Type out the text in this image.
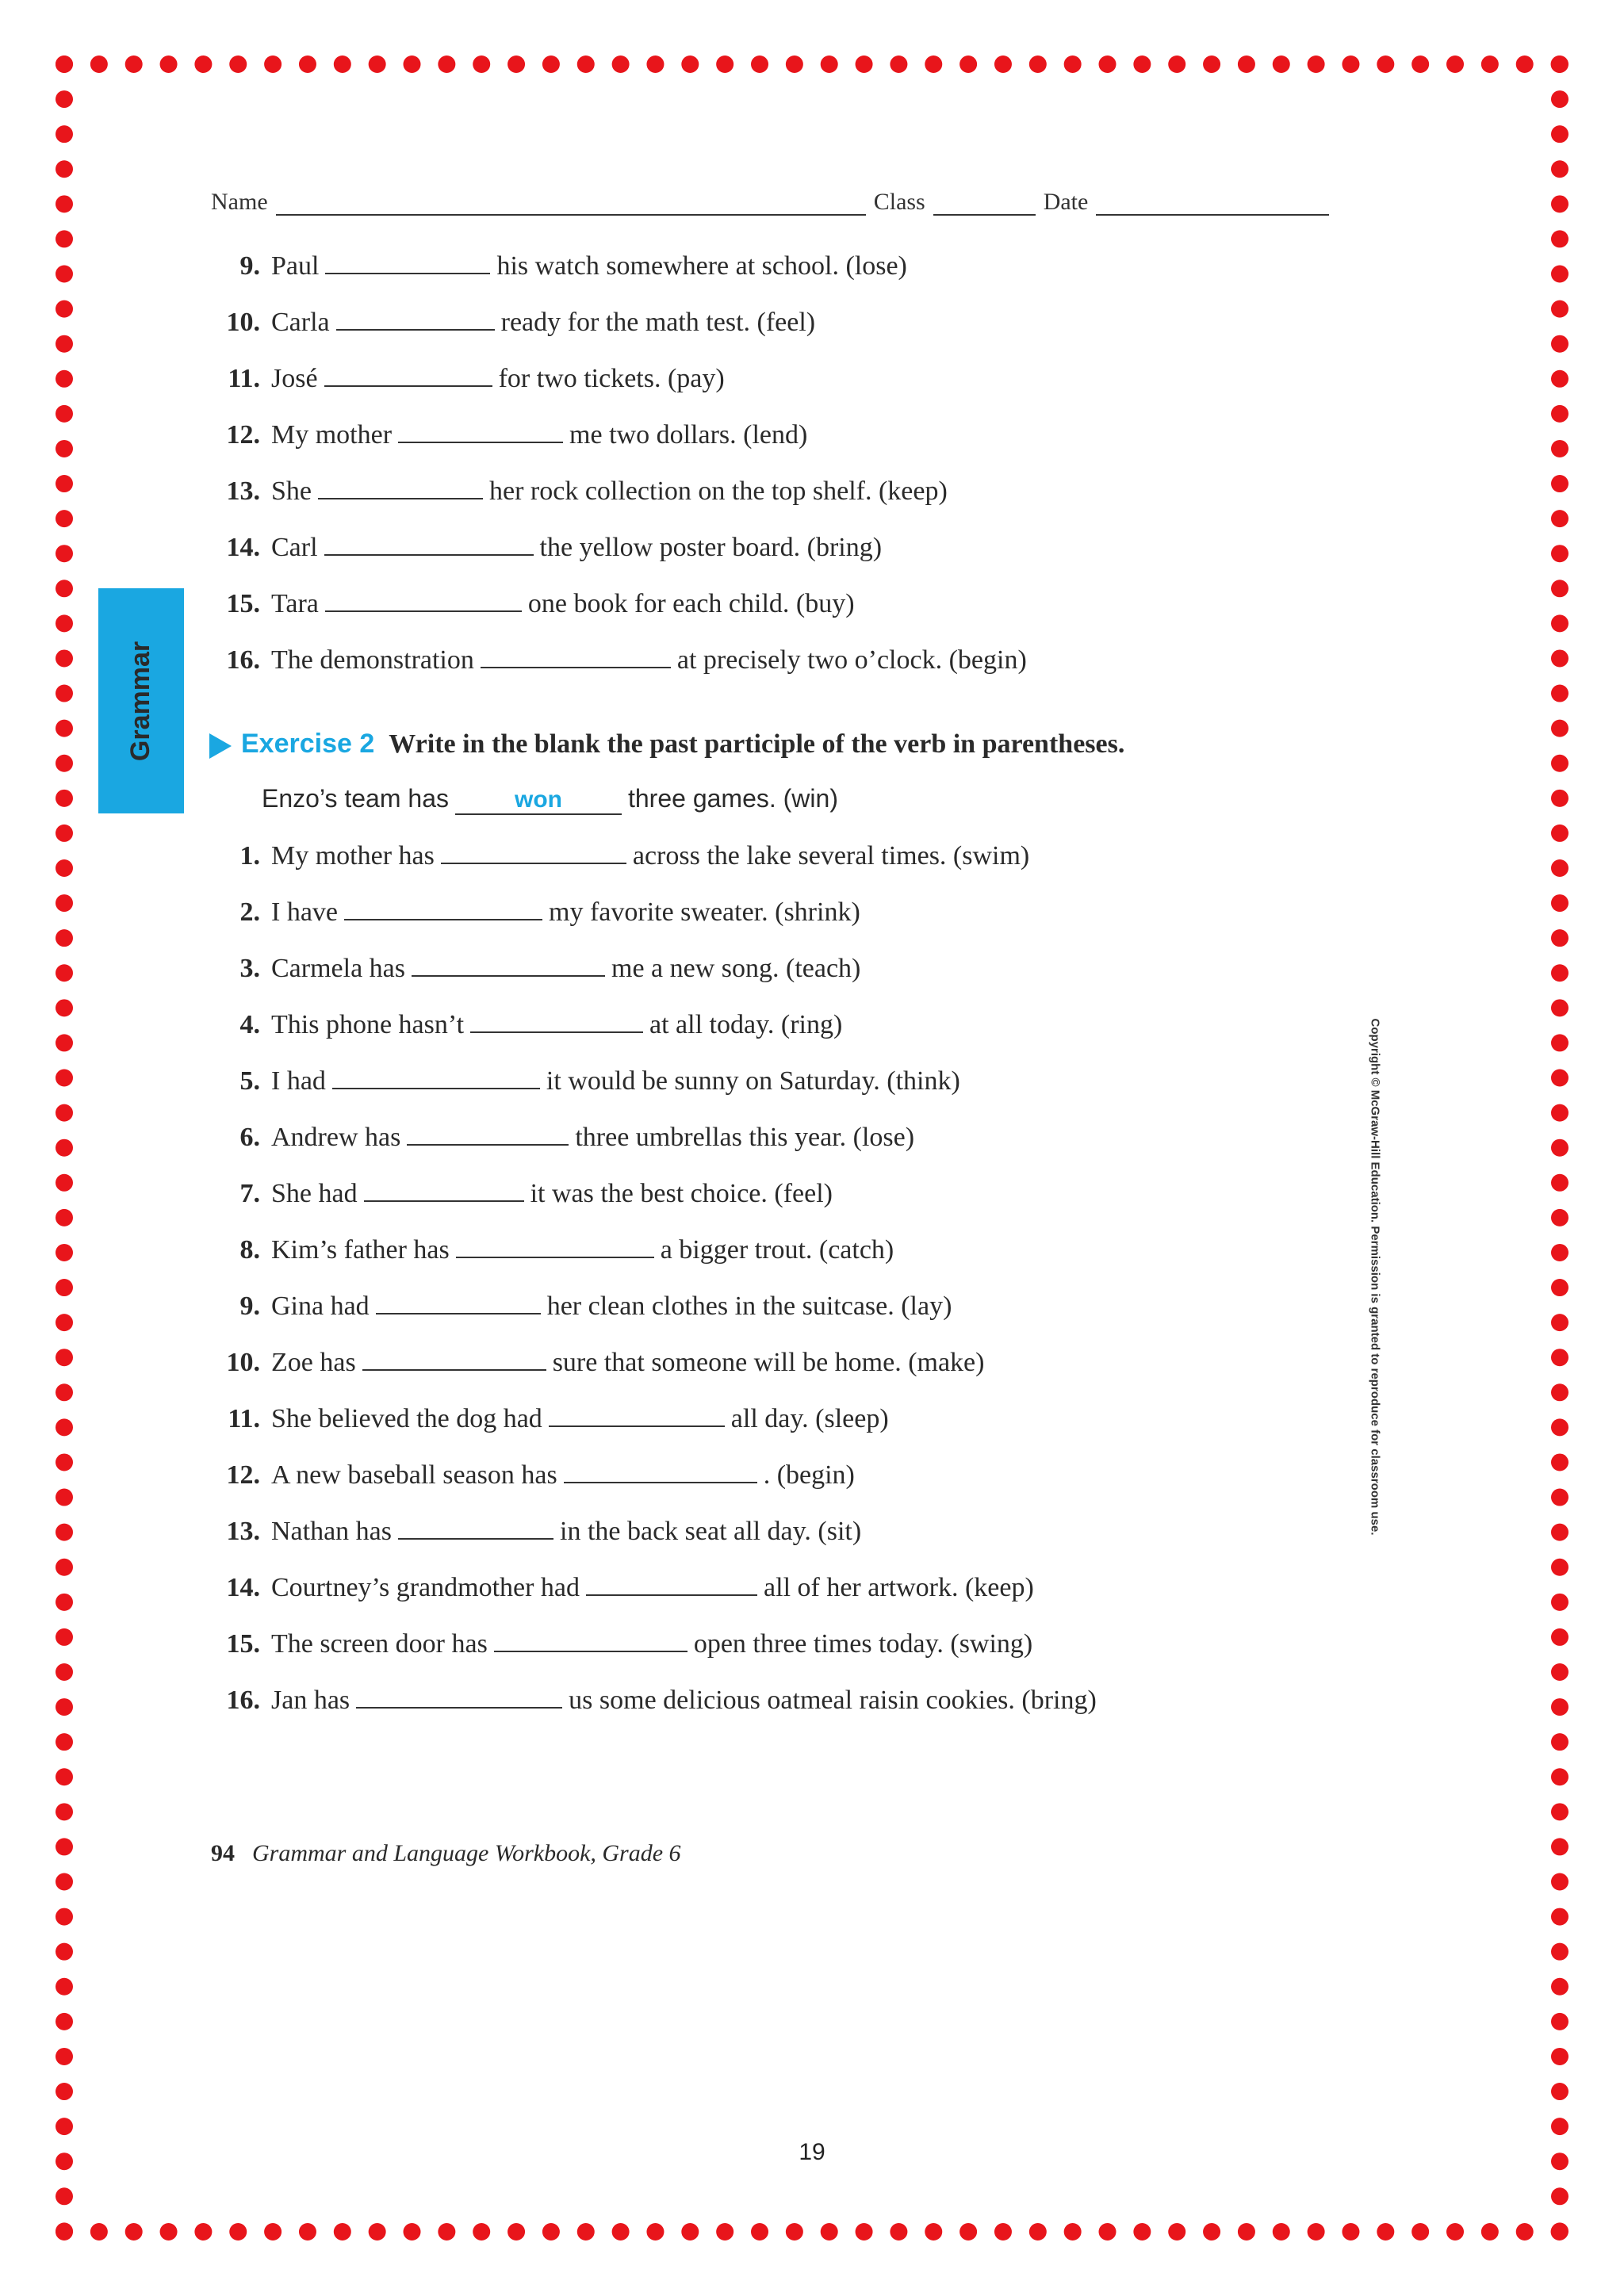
Name	Class	Date
Grammar
9. Paul	his watch somewhere at school. (lose)
10. Carla	ready for the math test. (feel)
11. José	for two tickets. (pay)
12. My mother	me two dollars. (lend)
13. She	her rock collection on the top shelf. (keep)
14. Carl	the yellow poster board. (bring)
15. Tara	one book for each child. (buy)
16. The demonstration	at precisely two o’clock. (begin)
Exercise 2 Write in the blank the past participle of the verb in parentheses.
Enzo’s team has	won	three games. (win)
1. My mother has	across the lake several times. (swim)
2. I have	my favorite sweater. (shrink)
3. Carmela has	me a new song. (teach)
4. This phone hasn’t	at all today. (ring)
5. I had	it would be sunny on Saturday. (think)
6. Andrew has	three umbrellas this year. (lose)
7. She had	it was the best choice. (feel)
8. Kim’s father has	a bigger trout. (catch)
9. Gina had	her clean clothes in the suitcase. (lay)
10. Zoe has	sure that someone will be home. (make)
11. She believed the dog had	all day. (sleep)
12. A new baseball season has	. (begin)
13. Nathan has	in the back seat all day. (sit)
14. Courtney’s grandmother had	all of her artwork. (keep)
15. The screen door has	open three times today. (swing)
16. Jan has	us some delicious oatmeal raisin cookies. (bring)
94 Grammar and Language Workbook, Grade 6
Copyright © McGraw-Hill Education. Permission is granted to reproduce for classroom use.
19
